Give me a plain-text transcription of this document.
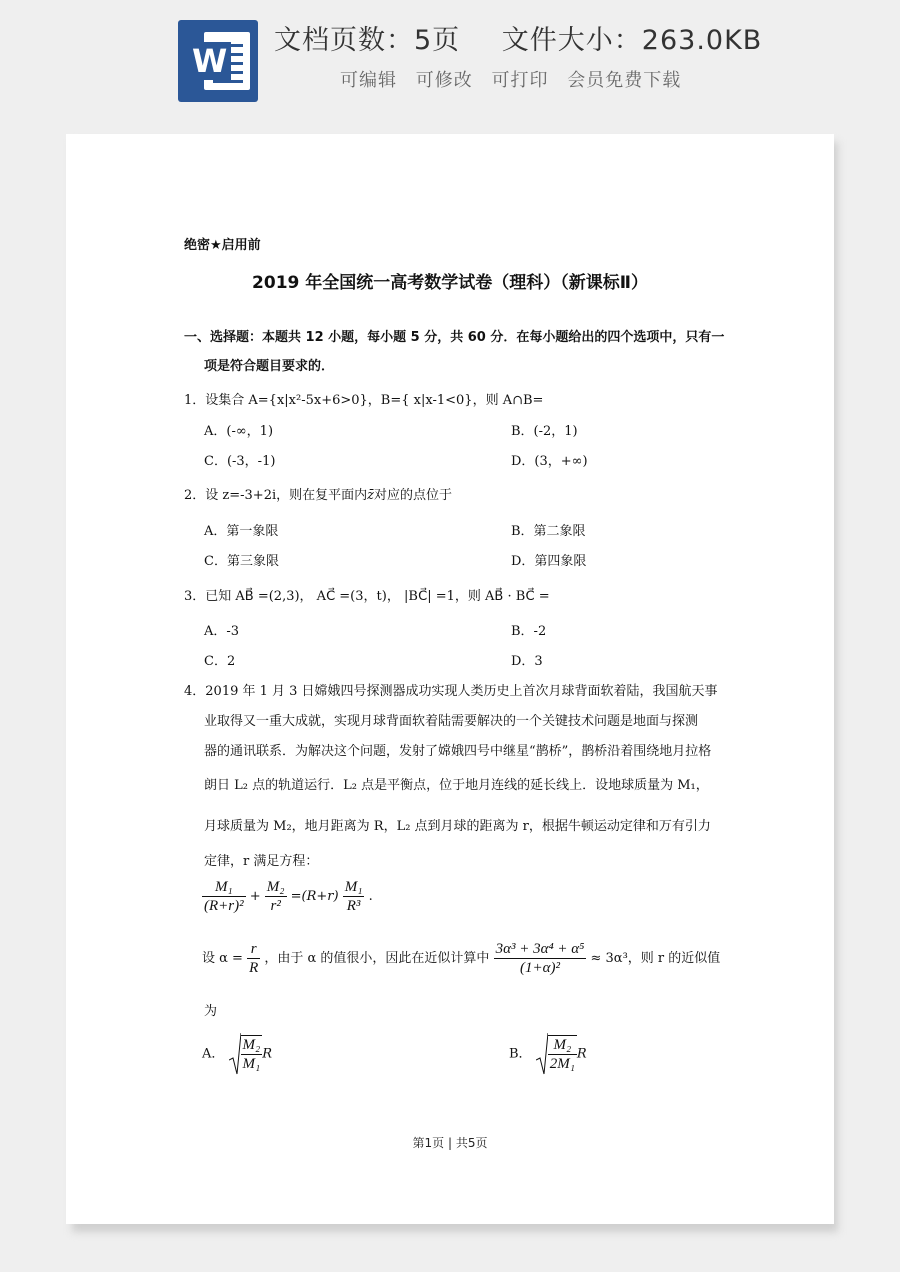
W
文档页数：5页 文件大小：263.0KB
可编辑 可修改 可打印 会员免费下载
绝密★启用前
2019 年全国统一高考数学试卷（理科）（新课标Ⅱ）
一、选择题：本题共 12 小题，每小题 5 分，共 60 分．在每小题给出的四个选项中，只有一
项是符合题目要求的．
1．设集合 A={x|x²-5x+6>0}，B={ x|x-1<0}，则 A∩B=
A．(-∞，1)	B．(-2，1)
C．(-3，-1)	D．(3，+∞)
2．设 z=-3+2i，则在复平面内z̄对应的点位于
A．第一象限	B．第二象限
C．第三象限	D．第四象限
3．已知 AB⃗ =(2,3)， AC⃗ =(3，t)， |BC⃗| =1，则 AB⃗ · BC⃗ =
A．-3	B．-2
C．2	D．3
4．2019 年 1 月 3 日嫦娥四号探测器成功实现人类历史上首次月球背面软着陆，我国航天事
业取得又一重大成就，实现月球背面软着陆需要解决的一个关键技术问题是地面与探测
器的通讯联系．为解决这个问题，发射了嫦娥四号中继星“鹊桥”，鹊桥沿着围绕地月拉格
朗日 L₂ 点的轨道运行．L₂ 点是平衡点，位于地月连线的延长线上．设地球质量为 M₁，
月球质量为 M₂，地月距离为 R，L₂ 点到月球的距离为 r，根据牛顿运动定律和万有引力
定律，r 满足方程：
$\frac{\text{M₁}}{\text{(R+r)²}} + \frac{\text{M₂}}{\text{r²}} =(R+r) \frac{\text{M₁}}{\text{R³}}$ .
设 $\alpha = \frac{r}{R}$ ，由于 α 的值很小，因此在近似计算中 $\frac{\text{3α³ + 3α⁴ + α⁵}}{\text{(1+α)²}} \approx 3\alpha^3$，则 r 的近似值
为
A． $\frac{\text{M₂}}{\text{M₁}}$ R	B． $\frac{\text{M₂}}{\text{2M₁}}$ R
第1页 | 共5页
